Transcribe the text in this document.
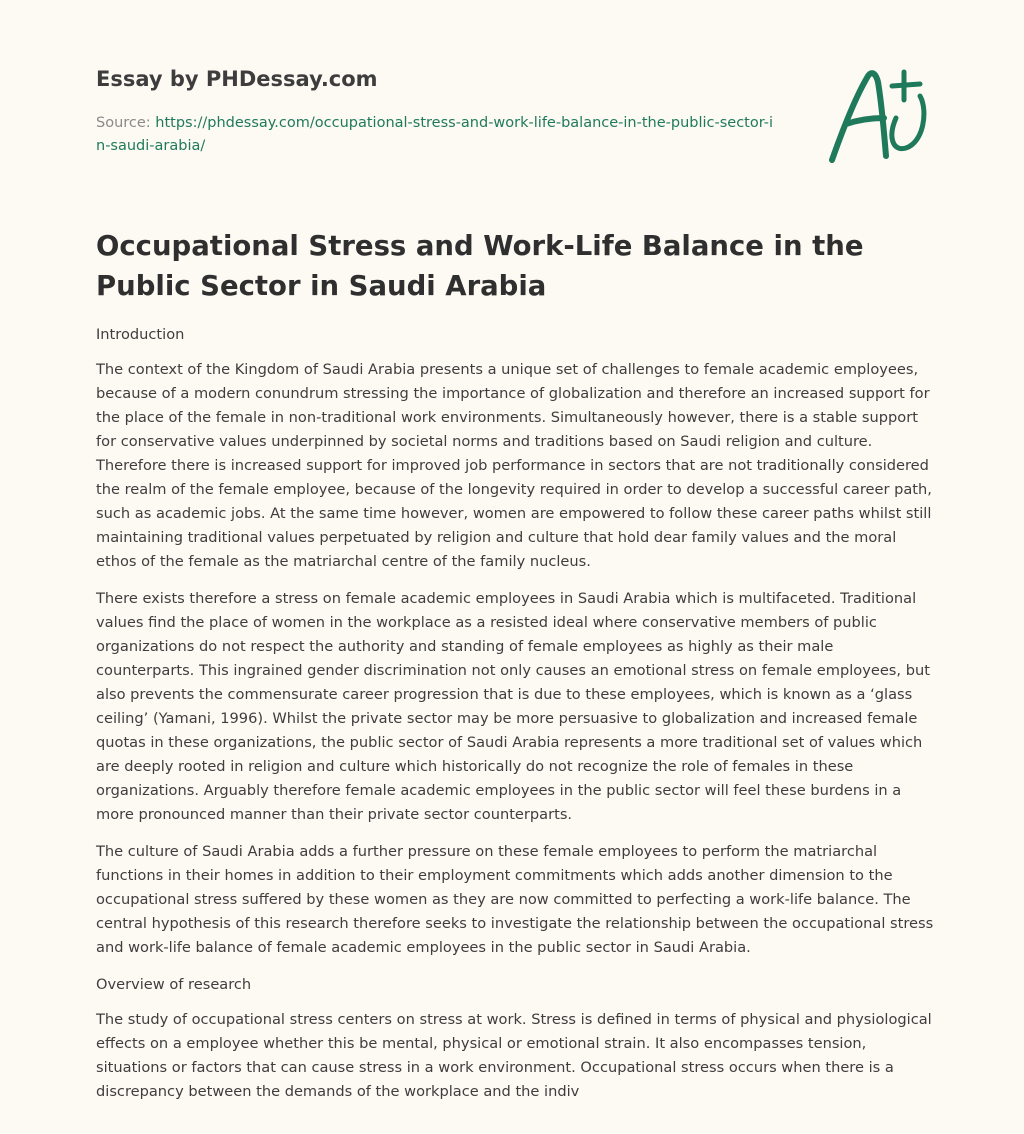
Essay by PHDessay.com
Source: https://phdessay.com/occupational-stress-and-work-life-balance-in-the-public-sector-in-saudi-arabia/
Occupational Stress and Work-Life Balance in the Public Sector in Saudi Arabia

Introduction

The context of the Kingdom of Saudi Arabia presents a unique set of challenges to female academic employees, because of a modern conundrum stressing the importance of globalization and therefore an increased support for the place of the female in non-traditional work environments. Simultaneously however, there is a stable support for conservative values underpinned by societal norms and traditions based on Saudi religion and culture. Therefore there is increased support for improved job performance in sectors that are not traditionally considered the realm of the female employee, because of the longevity required in order to develop a successful career path, such as academic jobs. At the same time however, women are empowered to follow these career paths whilst still maintaining traditional values perpetuated by religion and culture that hold dear family values and the moral ethos of the female as the matriarchal centre of the family nucleus.

There exists therefore a stress on female academic employees in Saudi Arabia which is multifaceted. Traditional values find the place of women in the workplace as a resisted ideal where conservative members of public organizations do not respect the authority and standing of female employees as highly as their male counterparts. This ingrained gender discrimination not only causes an emotional stress on female employees, but also prevents the commensurate career progression that is due to these employees, which is known as a ‘glass ceiling’ (Yamani, 1996). Whilst the private sector may be more persuasive to globalization and increased female quotas in these organizations, the public sector of Saudi Arabia represents a more traditional set of values which are deeply rooted in religion and culture which historically do not recognize the role of females in these organizations. Arguably therefore female academic employees in the public sector will feel these burdens in a more pronounced manner than their private sector counterparts.

The culture of Saudi Arabia adds a further pressure on these female employees to perform the matriarchal functions in their homes in addition to their employment commitments which adds another dimension to the occupational stress suffered by these women as they are now committed to perfecting a work-life balance. The central hypothesis of this research therefore seeks to investigate the relationship between the occupational stress and work-life balance of female academic employees in the public sector in Saudi Arabia.

Overview of research

The study of occupational stress centers on stress at work. Stress is defined in terms of physical and physiological effects on a employee whether this be mental, physical or emotional strain. It also encompasses tension, situations or factors that can cause stress in a work environment. Occupational stress occurs when there is a discrepancy between the demands of the workplace and the indiv
